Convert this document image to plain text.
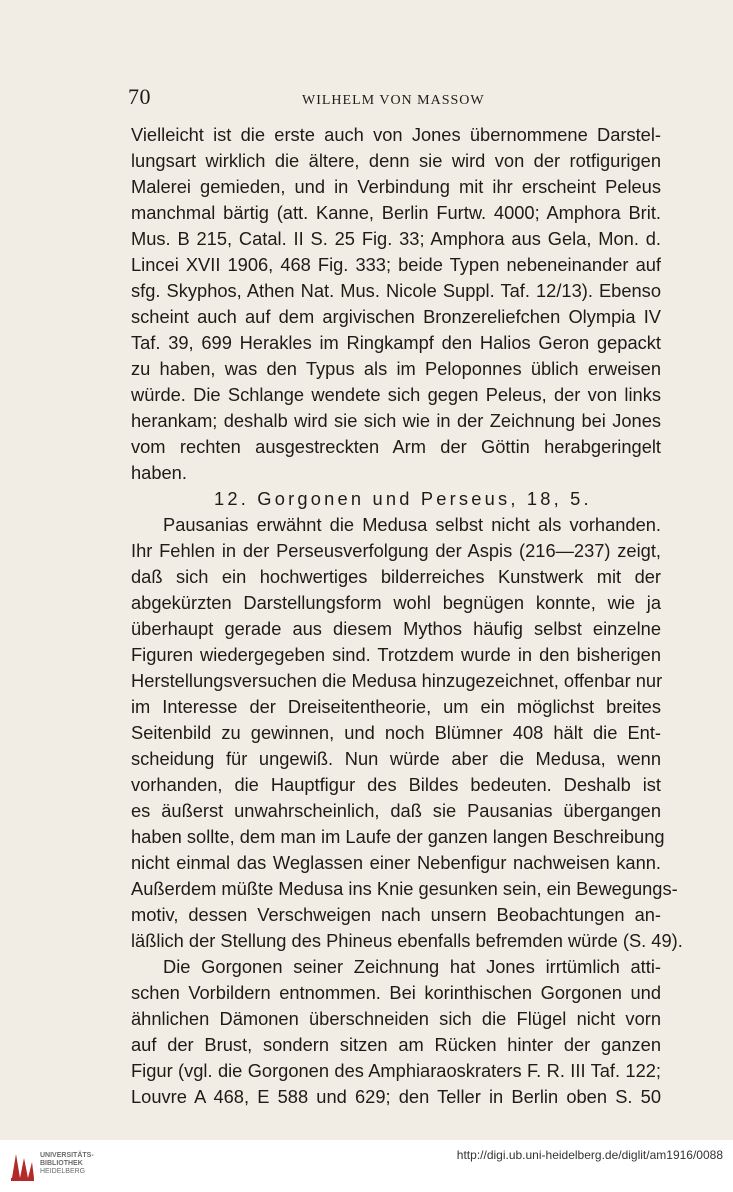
70	WILHELM VON MASSOW
Vielleicht ist die erste auch von Jones übernommene Darstel-
lungsart wirklich die ältere, denn sie wird von der rotfigurigen
Malerei gemieden, und in Verbindung mit ihr erscheint Peleus
manchmal bärtig (att. Kanne, Berlin Furtw. 4000; Amphora Brit.
Mus. B 215, Catal. II S. 25 Fig. 33; Amphora aus Gela, Mon. d.
Lincei XVII 1906, 468 Fig. 333; beide Typen nebeneinander auf
sfg. Skyphos, Athen Nat. Mus. Nicole Suppl. Taf. 12/13). Ebenso
scheint auch auf dem argivischen Bronzereliefchen Olympia IV
Taf. 39, 699 Herakles im Ringkampf den Halios Geron gepackt
zu haben, was den Typus als im Peloponnes üblich erweisen
würde. Die Schlange wendete sich gegen Peleus, der von links
herankam; deshalb wird sie sich wie in der Zeichnung bei Jones
vom rechten ausgestreckten Arm der Göttin herabgeringelt
haben.
12. Gorgonen und Perseus, 18, 5.
Pausanias erwähnt die Medusa selbst nicht als vorhanden.
Ihr Fehlen in der Perseusverfolgung der Aspis (216—237) zeigt,
daß sich ein hochwertiges bilderreiches Kunstwerk mit der
abgekürzten Darstellungsform wohl begnügen konnte, wie ja
überhaupt gerade aus diesem Mythos häufig selbst einzelne
Figuren wiedergegeben sind. Trotzdem wurde in den bisherigen
Herstellungsversuchen die Medusa hinzugezeichnet, offenbar nur
im Interesse der Dreiseitentheorie, um ein möglichst breites
Seitenbild zu gewinnen, und noch Blümner 408 hält die Ent-
scheidung für ungewiß. Nun würde aber die Medusa, wenn
vorhanden, die Hauptfigur des Bildes bedeuten. Deshalb ist
es äußerst unwahrscheinlich, daß sie Pausanias übergangen
haben sollte, dem man im Laufe der ganzen langen Beschreibung
nicht einmal das Weglassen einer Nebenfigur nachweisen kann.
Außerdem müßte Medusa ins Knie gesunken sein, ein Bewegungs-
motiv, dessen Verschweigen nach unsern Beobachtungen an-
läßlich der Stellung des Phineus ebenfalls befremden würde (S. 49).
Die Gorgonen seiner Zeichnung hat Jones irrtümlich atti-
schen Vorbildern entnommen. Bei korinthischen Gorgonen und
ähnlichen Dämonen überschneiden sich die Flügel nicht vorn
auf der Brust, sondern sitzen am Rücken hinter der ganzen
Figur (vgl. die Gorgonen des Amphiaraoskraters F. R. III Taf. 122;
Louvre A 468, E 588 und 629; den Teller in Berlin oben S. 50
UNIVERSITÄTS-
BIBLIOTHEK
HEIDELBERG
http://digi.ub.uni-heidelberg.de/diglit/am1916/0088
